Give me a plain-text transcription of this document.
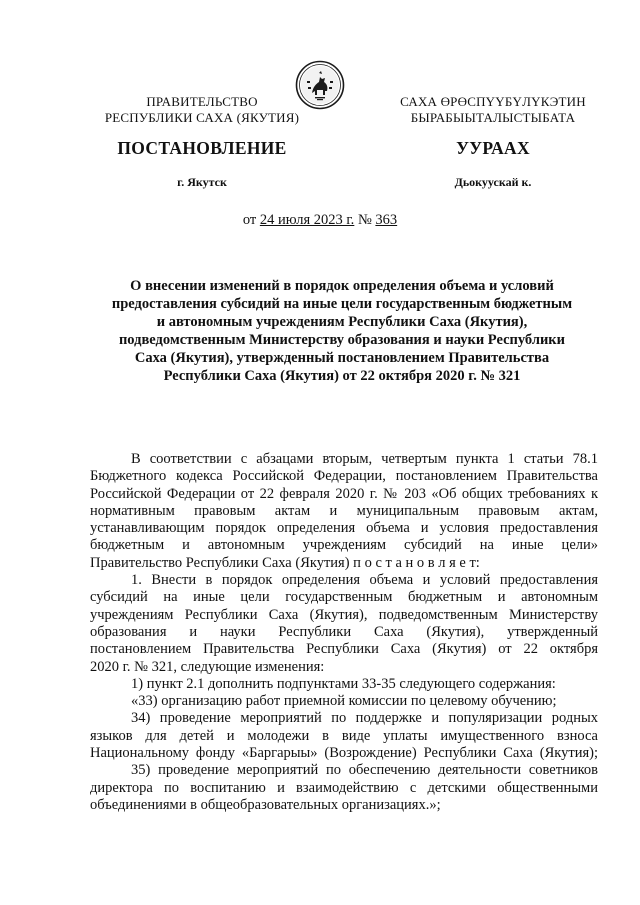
ПРАВИТЕЛЬСТВО
РЕСПУБЛИКИ САХА (ЯКУТИЯ)
САХА ӨРӨСПҮҮБҮЛҮКЭТИН
БЫРАБЫЫТАЛЫСТЫБАТА
ПОСТАНОВЛЕНИЕ	УУРААХ
г. Якутск	Дьокуускай к.
от 24 июля 2023 г. № 363
О внесении изменений в порядок определения объема и условий
предоставления субсидий на иные цели государственным бюджетным
и автономным учреждениям Республики Саха (Якутия),
подведомственным Министерству образования и науки Республики
Саха (Якутия), утвержденный постановлением Правительства
Республики Саха (Якутия) от 22 октября 2020 г. № 321
В соответствии с абзацами вторым, четвертым пункта 1 статьи 78.1
Бюджетного кодекса Российской Федерации, постановлением Правительства
Российской Федерации от 22 февраля 2020 г. № 203 «Об общих требованиях к
нормативным правовым актам и муниципальным правовым актам,
устанавливающим порядок определения объема и условия предоставления
бюджетным и автономным учреждениям субсидий на иные цели»
Правительство Республики Саха (Якутия) п о с т а н о в л я е т:
1. Внести в порядок определения объема и условий предоставления
субсидий на иные цели государственным бюджетным и автономным
учреждениям Республики Саха (Якутия), подведомственным Министерству
образования и науки Республики Саха (Якутия), утвержденный
постановлением Правительства Республики Саха (Якутия) от 22 октября
2020 г. № 321, следующие изменения:
1) пункт 2.1 дополнить подпунктами 33-35 следующего содержания:
«33) организацию работ приемной комиссии по целевому обучению;
34) проведение мероприятий по поддержке и популяризации родных
языков для детей и молодежи в виде уплаты имущественного взноса
Национальному фонду «Баргарыы» (Возрождение) Республики Саха (Якутия);
35) проведение мероприятий по обеспечению деятельности советников
директора по воспитанию и взаимодействию с детскими общественными
объединениями в общеобразовательных организациях.»;
